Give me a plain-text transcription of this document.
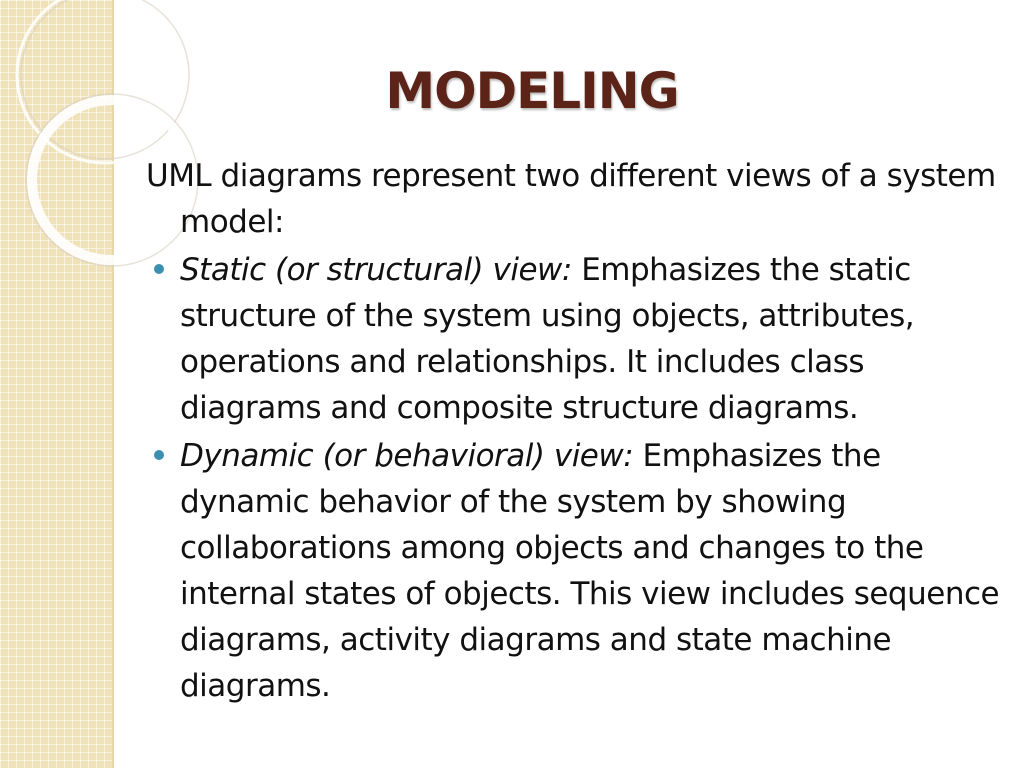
MODELING

UML diagrams represent two different views of a system model:

Static (or structural) view: Emphasizes the static structure of the system using objects, attributes, operations and relationships. It includes class diagrams and composite structure diagrams.
Dynamic (or behavioral) view: Emphasizes the dynamic behavior of the system by showing collaborations among objects and changes to the internal states of objects. This view includes sequence diagrams, activity diagrams and state machine diagrams.
